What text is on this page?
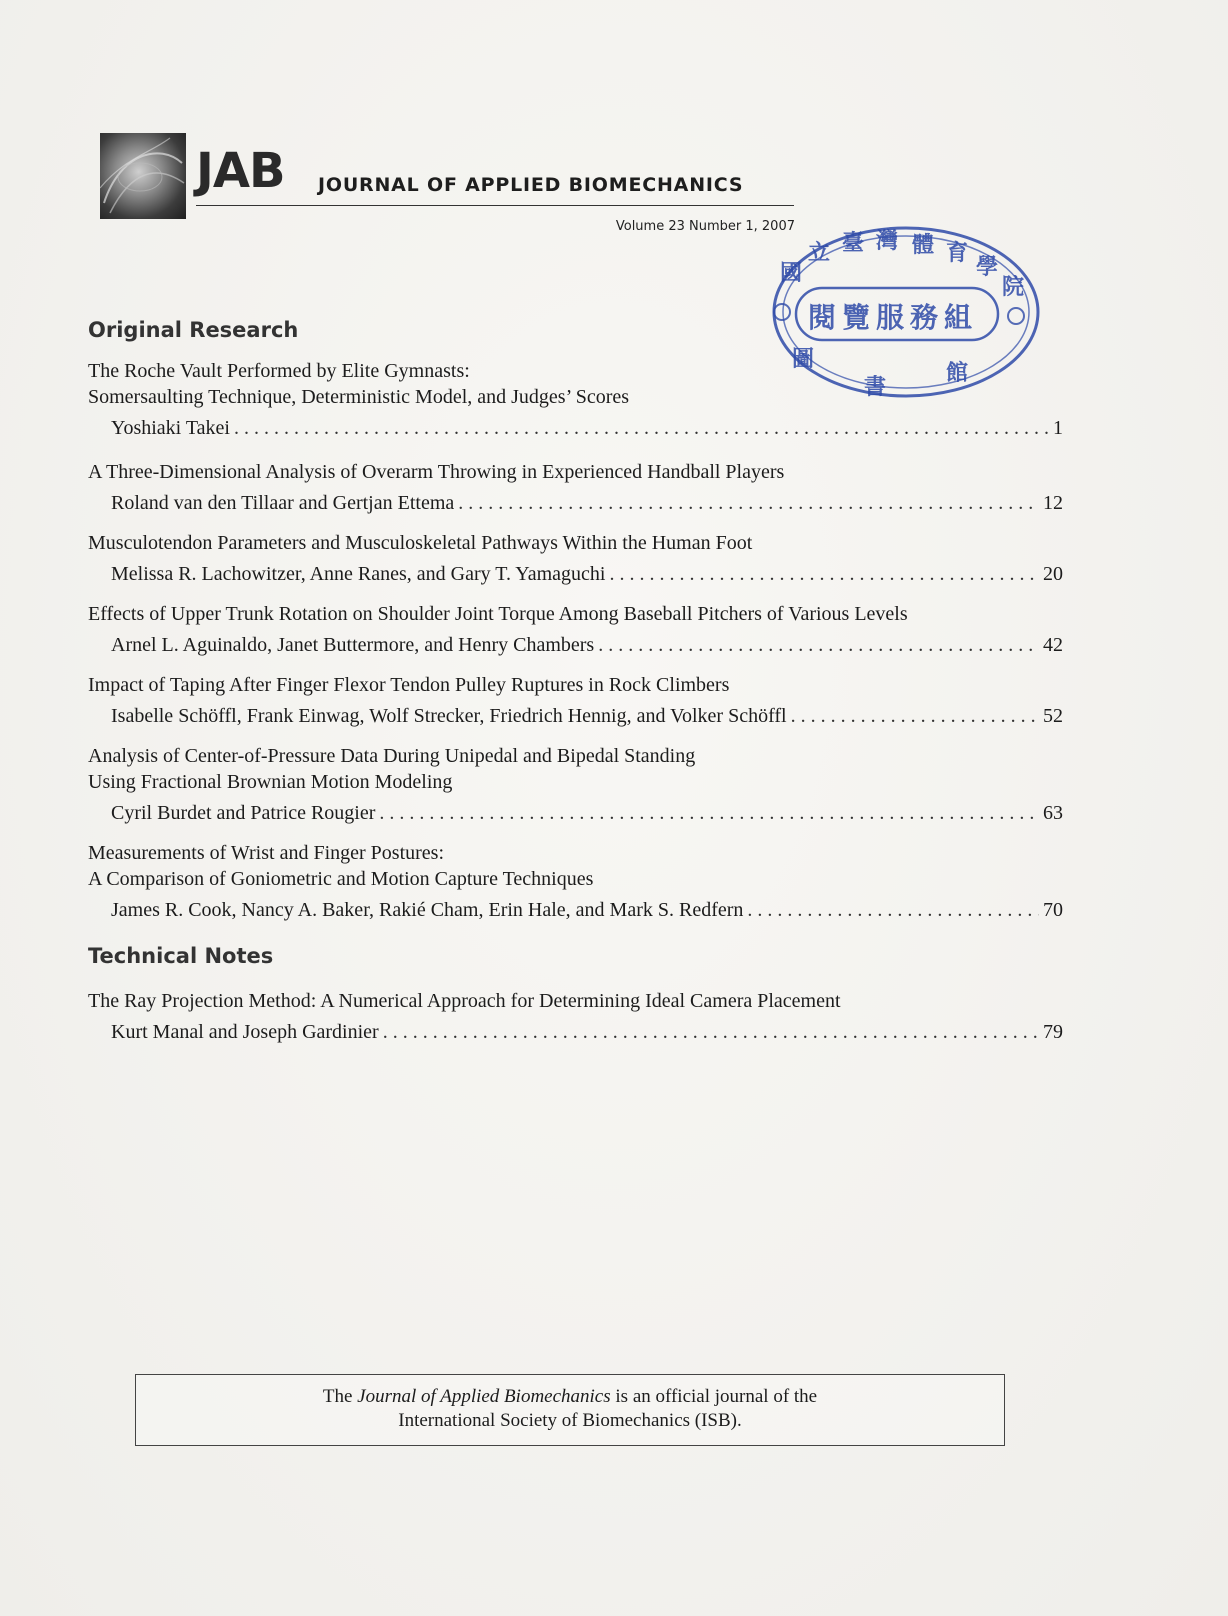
JAB JOURNAL OF APPLIED BIOMECHANICS
Volume 23 Number 1, 2007
國
立 臺 灣 體 育
學
院
閱覽服務組
圖
書
館
Original Research
The Roche Vault Performed by Elite Gymnasts:
Somersaulting Technique, Deterministic Model, and Judges’ Scores
Yoshiaki Takei . . .	1
A Three-Dimensional Analysis of Overarm Throwing in Experienced Handball Players
Roland van den Tillaar and Gertjan Ettema . . .	12
Musculotendon Parameters and Musculoskeletal Pathways Within the Human Foot
Melissa R. Lachowitzer, Anne Ranes, and Gary T. Yamaguchi . . .	20
Effects of Upper Trunk Rotation on Shoulder Joint Torque Among Baseball Pitchers of Various Levels
Arnel L. Aguinaldo, Janet Buttermore, and Henry Chambers . . .	42
Impact of Taping After Finger Flexor Tendon Pulley Ruptures in Rock Climbers
Isabelle Schöffl, Frank Einwag, Wolf Strecker, Friedrich Hennig, and Volker Schöffl . . .	52
Analysis of Center-of-Pressure Data During Unipedal and Bipedal Standing
Using Fractional Brownian Motion Modeling
Cyril Burdet and Patrice Rougier . . .	63
Measurements of Wrist and Finger Postures:
A Comparison of Goniometric and Motion Capture Techniques
James R. Cook, Nancy A. Baker, Rakié Cham, Erin Hale, and Mark S. Redfern . . .	70
Technical Notes
The Ray Projection Method: A Numerical Approach for Determining Ideal Camera Placement
Kurt Manal and Joseph Gardinier . . .	79
The Journal of Applied Biomechanics is an official journal of the
International Society of Biomechanics (ISB).
